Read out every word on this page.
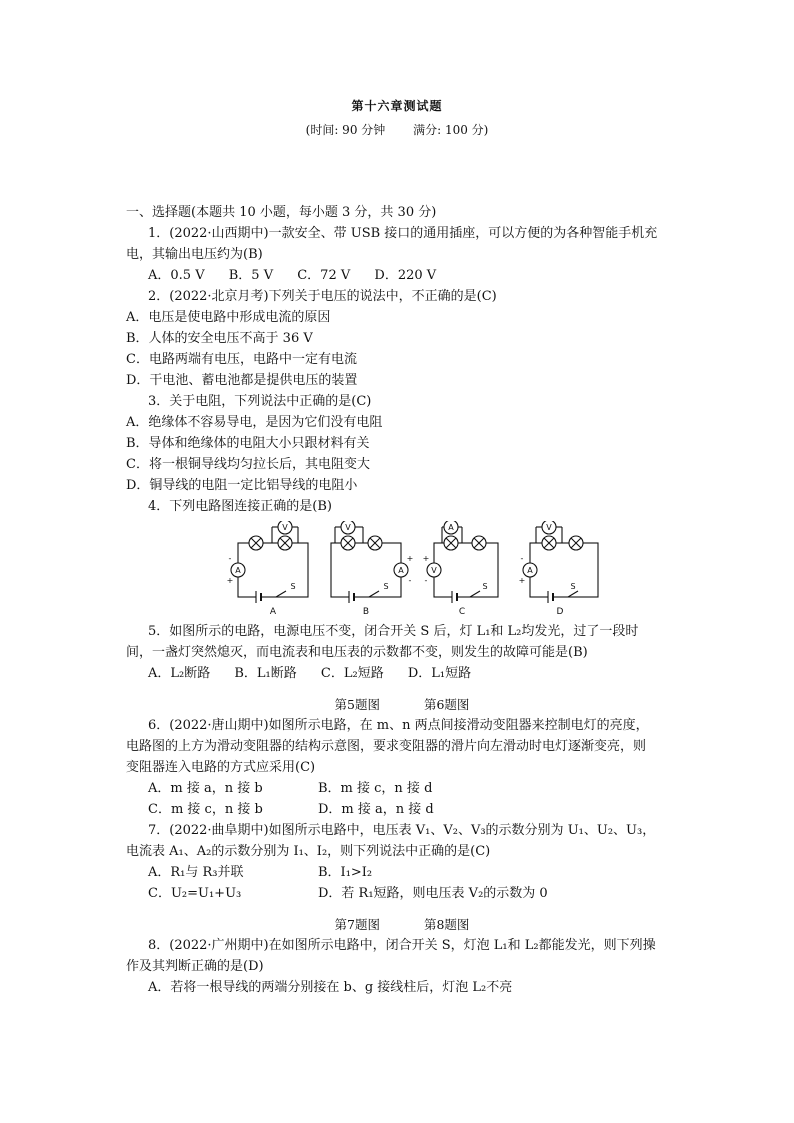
第十六章测试题
(时间: 90 分钟 满分: 100 分)
一、选择题(本题共 10 小题，每小题 3 分，共 30 分)
1．(2022·山西期中)一款安全、带 USB 接口的通用插座，可以方便的为各种智能手机充
电，其输出电压约为(B)
A．0.5 V B．5 V C．72 V D．220 V
2．(2022·北京月考)下列关于电压的说法中，不正确的是(C)
A．电压是使电路中形成电流的原因
B．人体的安全电压不高于 36 V
C．电路两端有电压，电路中一定有电流
D．干电池、蓄电池都是提供电压的装置
3．关于电阻，下列说法中正确的是(C)
A．绝缘体不容易导电，是因为它们没有电阻
B．导体和绝缘体的电阻大小只跟材料有关
C．将一根铜导线均匀拉长后，其电阻变大
D．铜导线的电阻一定比铝导线的电阻小
4．下列电路图连接正确的是(B)
V
A
S
A
V
A
S
B
A
V
S
C
V
A
S
D
-
+
+
-
+
-
-
+
5．如图所示的电路，电源电压不变，闭合开关 S 后，灯 L₁和 L₂均发光，过了一段时
间，一盏灯突然熄灭，而电流表和电压表的示数都不变，则发生的故障可能是(B)
A．L₂断路 B．L₁断路 C．L₂短路 D．L₁短路
第5题图	第6题图
6．(2022·唐山期中)如图所示电路，在 m、n 两点间接滑动变阻器来控制电灯的亮度，
电路图的上方为滑动变阻器的结构示意图，要求变阻器的滑片向左滑动时电灯逐渐变亮，则
变阻器连入电路的方式应采用(C)
A．m 接 a，n 接 b	B．m 接 c，n 接 d
C．m 接 c，n 接 b	D．m 接 a，n 接 d
7．(2022·曲阜期中)如图所示电路中，电压表 V₁、V₂、V₃的示数分别为 U₁、U₂、U₃，
电流表 A₁、A₂的示数分别为 I₁、I₂，则下列说法中正确的是(C)
A．R₁与 R₃并联	B．I₁>I₂
C．U₂=U₁+U₃	D．若 R₁短路，则电压表 V₂的示数为 0
第7题图	第8题图
8．(2022·广州期中)在如图所示电路中，闭合开关 S，灯泡 L₁和 L₂都能发光，则下列操
作及其判断正确的是(D)
A．若将一根导线的两端分别接在 b、g 接线柱后，灯泡 L₂不亮
